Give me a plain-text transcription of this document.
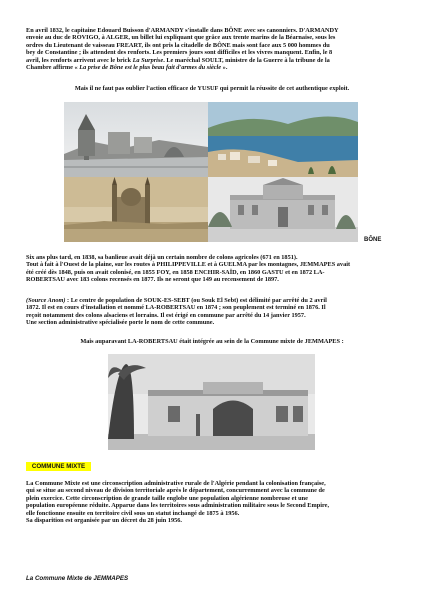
En avril 1832, le capitaine Edouard Buisson d'ARMANDY s'installe dans BÔNE avec ses canonniers. D'ARMANDY
envoie au duc de ROVIGO, à ALGER, un billet lui expliquant que grâce aux trente marins de la Béarnaise, sous les
ordres du Lieutenant de vaisseau FREART, ils ont pris la citadelle de BÔNE mais sont face aux 5 000 hommes du
bey de Constantine ; ils attendent des renforts. Les premiers jours sont difficiles et les vivres manquent. Enfin, le 8
avril, les renforts arrivent avec le brick La Surprise. Le maréchal SOULT, ministre de la Guerre à la tribune de la
Chambre affirme « La prise de Bône est le plus beau fait d'armes du siècle ».

Mais il ne faut pas oublier l'action efficace de YUSUF qui permit la réussite de cet authentique exploit.

BÔNE

Six ans plus tard, en 1838, sa banlieue avait déjà un certain nombre de colons agricoles (671 en 1851).
Tout à fait à l'Ouest de la plaine, sur les routes à PHILIPPEVILLE et à GUELMA par les montagnes, JEMMAPES avait
été créé dès 1848, puis on avait colonisé, en 1855 FOY, en 1858 ENCHIR-SAÏD, en 1860 GASTU et en 1872 LA-
ROBERTSAU avec 183 colons recensés en 1877. Ils ne seront que 149 au recensement de 1897.

(Source Anom) : Le centre de population de SOUK-ES-SEBT (ou Souk El Sebt) est délimité par arrêté du 2 avril
1872. Il est en cours d'installation et nommé LA-ROBERTSAU en 1874 ; son peuplement est terminé en 1876. Il
reçoit notamment des colons alsaciens et lorrains. Il est érigé en commune par arrêté du 14 janvier 1957.
Une section administrative spécialisée porte le nom de cette commune.

Mais auparavant LA-ROBERTSAU était intégrée au sein de la Commune mixte de JEMMAPES :

COMMUNE MIXTE

La Commune Mixte est une circonscription administrative rurale de l'Algérie pendant la colonisation française,
qui se situe au second niveau de division territoriale après le département, concurremment avec la commune de
plein exercice. Cette circonscription de grande taille englobe une population algérienne nombreuse et une
population européenne réduite. Apparue dans les territoires sous administration militaire sous le Second Empire,
elle fonctionne ensuite en territoire civil sous un statut inchangé de 1875 à 1956.
Sa disparition est organisée par un décret du 28 juin 1956.

La Commune Mixte de JEMMAPES
